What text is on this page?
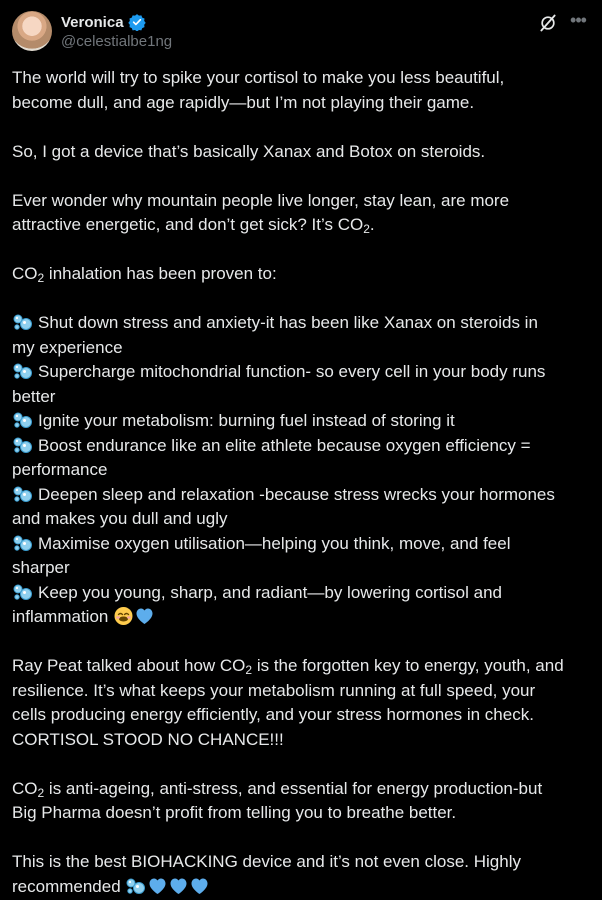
Veronica
@celestialbe1ng
•••

The world will try to spike your cortisol to make you less beautiful,
become dull, and age rapidly—but I’m not playing their game.

So, I got a device that’s basically Xanax and Botox on steroids.

Ever wonder why mountain people live longer, stay lean, are more
attractive energetic, and don’t get sick? It’s $CO_2$.

$CO_2$ inhalation has been proven to:

Shut down stress and anxiety-it has been like Xanax on steroids in
my experience
Supercharge mitochondrial function- so every cell in your body runs
better
Ignite your metabolism: burning fuel instead of storing it
Boost endurance like an elite athlete because oxygen efficiency =
performance
Deepen sleep and relaxation -because stress wrecks your hormones
and makes you dull and ugly
Maximise oxygen utilisation—helping you think, move, and feel
sharper
Keep you young, sharp, and radiant—by lowering cortisol and
inflammation

Ray Peat talked about how $CO_2$ is the forgotten key to energy, youth, and
resilience. It’s what keeps your metabolism running at full speed, your
cells producing energy efficiently, and your stress hormones in check.
CORTISOL STOOD NO CHANCE!!!

$CO_2$ is anti-ageing, anti-stress, and essential for energy production-but
Big Pharma doesn’t profit from telling you to breathe better.

This is the best BIOHACKING device and it’s not even close. Highly
recommended
